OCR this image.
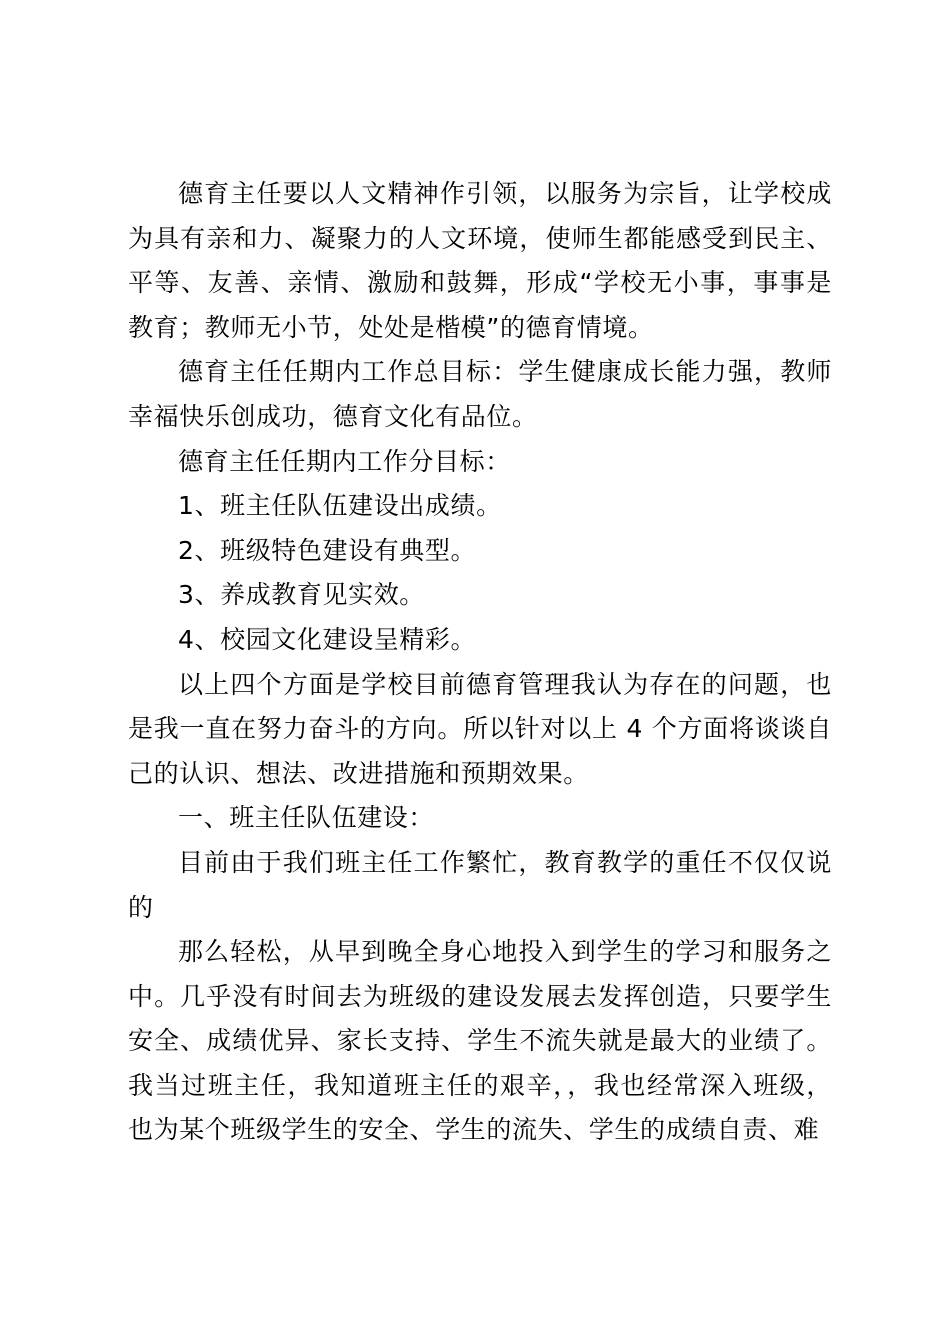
德育主任要以人文精神作引领，以服务为宗旨，让学校成为具有亲和力、凝聚力的人文环境，使师生都能感受到民主、平等、友善、亲情、激励和鼓舞，形成“学校无小事，事事是教育；教师无小节，处处是楷模”的德育情境。

德育主任任期内工作总目标：学生健康成长能力强，教师幸福快乐创成功，德育文化有品位。

德育主任任期内工作分目标：

1、班主任队伍建设出成绩。

2、班级特色建设有典型。

3、养成教育见实效。

4、校园文化建设呈精彩。

以上四个方面是学校目前德育管理我认为存在的问题，也是我一直在努力奋斗的方向。所以针对以上 4 个方面将谈谈自己的认识、想法、改进措施和预期效果。

一、班主任队伍建设：

目前由于我们班主任工作繁忙，教育教学的重任不仅仅说的

那么轻松，从早到晚全身心地投入到学生的学习和服务之中。几乎没有时间去为班级的建设发展去发挥创造，只要学生安全、成绩优异、家长支持、学生不流失就是最大的业绩了。我当过班主任，我知道班主任的艰辛，，我也经常深入班级，也为某个班级学生的安全、学生的流失、学生的成绩自责、难
